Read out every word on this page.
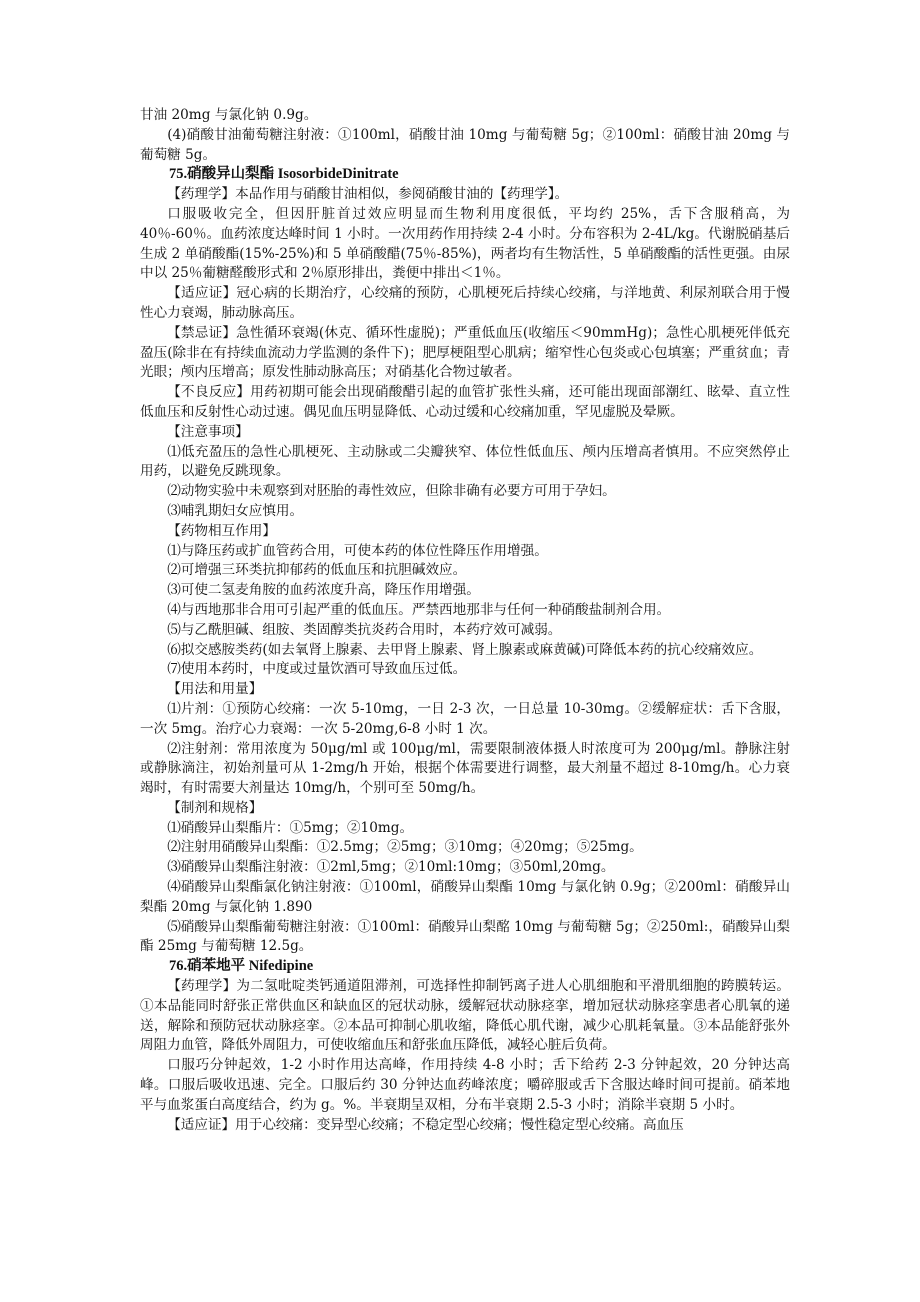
甘油 20mg 与氯化钠 0.9g。

(4)硝酸甘油葡萄糖注射液：①100ml，硝酸甘油 10mg 与葡萄糖 5g；②100ml：硝酸甘油 20mg 与葡萄糖 5g。

75.硝酸异山梨酯 IsosorbideDinitrate

【药理学】本品作用与硝酸甘油相似，参阅硝酸甘油的【药理学】。

口服吸收完全，但因肝脏首过效应明显而生物利用度很低，平均约 25%，舌下含服稍高，为 40％-60％。血药浓度达峰时间 1 小时。一次用药作用持续 2-4 小时。分布容积为 2-4L/kg。代谢脱硝基后生成 2 单硝酸酯(15%-25%)和 5 单硝酸醋(75％-85%)，两者均有生物活性，5 单硝酸酯的活性更强。由尿中以 25％葡糖醛酸形式和 2％原形排出，粪便中排出＜1％。

【适应证】冠心病的长期治疗，心绞痛的预防，心肌梗死后持续心绞痛，与洋地黄、利尿剂联合用于慢性心力衰竭，肺动脉高压。

【禁忌证】急性循环衰竭(休克、循环性虚脱)；严重低血压(收缩压＜90mmHg)；急性心肌梗死伴低充盈压(除非在有持续血流动力学监测的条件下)；肥厚梗阻型心肌病；缩窄性心包炎或心包填塞；严重贫血；青光眼；颅内压增高；原发性肺动脉高压；对硝基化合物过敏者。

【不良反应】用药初期可能会出现硝酸醋引起的血管扩张性头痛，还可能出现面部潮红、眩晕、直立性低血压和反射性心动过速。偶见血压明显降低、心动过缓和心绞痛加重，罕见虚脱及晕厥。

【注意事项】

⑴低充盈压的急性心肌梗死、主动脉或二尖瓣狭窄、体位性低血压、颅内压增高者慎用。不应突然停止用药，以避免反跳现象。

⑵动物实验中未观察到对胚胎的毒性效应，但除非确有必要方可用于孕妇。

⑶哺乳期妇女应慎用。

【药物相互作用】

⑴与降压药或扩血管药合用，可使本药的体位性降压作用增强。

⑵可增强三环类抗抑郁药的低血压和抗胆碱效应。

⑶可使二氢麦角胺的血药浓度升高，降压作用增强。

⑷与西地那非合用可引起严重的低血压。严禁西地那非与任何一种硝酸盐制剂合用。

⑸与乙酰胆碱、组胺、类固醇类抗炎药合用时，本药疗效可减弱。

⑹拟交感胺类药(如去氧肾上腺素、去甲肾上腺素、肾上腺素或麻黄碱)可降低本药的抗心绞痛效应。

⑺使用本药时，中度或过量饮酒可导致血压过低。

【用法和用量】

⑴片剂：①预防心绞痛：一次 5-10mg，一日 2-3 次，一日总量 10-30mg。②缓解症状：舌下含服，一次 5mg。治疗心力衰竭：一次 5-20mg,6-8 小时 1 次。

⑵注射剂：常用浓度为 50μg/ml 或 100μg/ml，需要限制液体摄人时浓度可为 200μg/ml。静脉注射或静脉滴注，初始剂量可从 1-2mg/h 开始，根据个体需要进行调整，最大剂量不超过 8-10mg/h。心力衰竭时，有时需要大剂量达 10mg/h，个别可至 50mg/h。

【制剂和规格】

⑴硝酸异山梨酯片：①5mg；②10mg。

⑵注射用硝酸异山梨酯：①2.5mg；②5mg；③10mg；④20mg；⑤25mg。

⑶硝酸异山梨酯注射液：①2ml,5mg；②10ml:10mg；③50ml,20mg。

⑷硝酸异山梨酯氯化钠注射液：①100ml，硝酸异山梨酯 10mg 与氯化钠 0.9g；②200ml：硝酸异山梨酯 20mg 与氯化钠 1.890

⑸硝酸异山梨酯葡萄糖注射液：①100ml：硝酸异山梨酩 10mg 与葡萄糖 5g；②250ml:，硝酸异山梨酯 25mg 与葡萄糖 12.5g。

76.硝苯地平 Nifedipine

【药理学】为二氢吡啶类钙通道阻滞剂，可选择性抑制钙离子进人心肌细胞和平滑肌细胞的跨膜转运。①本品能同时舒张正常供血区和缺血区的冠状动脉，缓解冠状动脉痉挛，增加冠状动脉痉挛患者心肌氧的递送，解除和预防冠状动脉痉挛。②本品可抑制心肌收缩，降低心肌代谢，减少心肌耗氧量。③本品能舒张外周阻力血管，降低外周阻力，可使收缩血压和舒张血压降低，减轻心脏后负荷。

口服巧分钟起效，1-2 小时作用达高峰，作用持续 4-8 小时；舌下给药 2-3 分钟起效，20 分钟达高峰。口服后吸收迅速、完全。口服后约 30 分钟达血药峰浓度；嚼碎服或舌下含服达峰时间可提前。硝苯地平与血浆蛋白高度结合，约为 g。%。半衰期呈双相，分布半衰期 2.5-3 小时；消除半衰期 5 小时。

【适应证】用于心绞痛：变异型心绞痛；不稳定型心绞痛；慢性稳定型心绞痛。高血压
